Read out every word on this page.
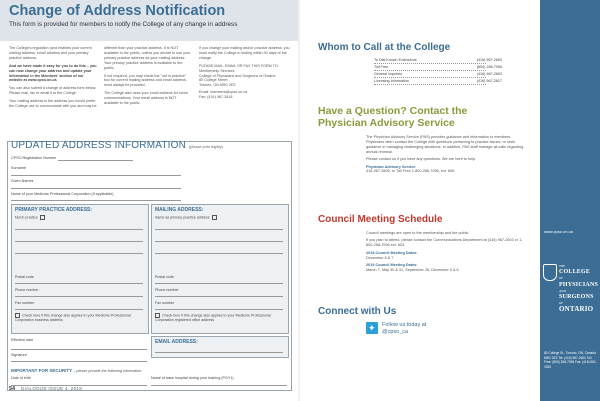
Change of Address Notification
This form is provided for members to notify the College of any change in address

The College's regulation (and enables your current mailing address, email address and your primary practice address.

And we have made it easy for you to do this – you can now change your address and update your information in the Members' section of our website at www.cpso.on.ca

You can also submit a change of address form below. Please mail, fax or email it to the College.

Your mailing address is the address you would prefer the College use to communicate with you and may be

different than your practice address. It is NOT available to the public, unless you decide to use your primary practice address as your mailing address. Your primary practice address is available to the public.

If not required, you may check the "not in practice" box for current mailing address and email address, must always be provided.

The College also uses your email address for some communications. Your email address is NOT available to the public.

If you change your mailing and/or practice address, you must notify the College in writing within 30 days of the change.

PLEASE MAIL, EMAIL OR FAX THIS FORM TO:

Membership Services

College of Physicians and Surgeons of Ontario

80 College Street

Toronto, ON M5G 2E2

Email: members@cpso.on.ca

Fax: (416) 967-2618

UPDATED ADDRESS INFORMATION (please print legibly)
CPSO Registration Number
Surname
Given Names
Name of your Medicine Professional Corporation (if applicable)
PRIMARY PRACTICE ADDRESS:
Not in practice
Postal code
Phone number
Fax number
Check here if this change also applies to your Medicine Professional Corporation business address
MAILING ADDRESS:
Same as primary practice address
Postal code
Phone number
Fax number
Check here if this change also applies to your Medicine Professional Corporation registered office address
Effective date
Signature
EMAIL ADDRESS:
IMPORTANT FOR SECURITY – please provide the following information:
Date of birth	Name of base hospital during your training (PGY1)
54 DIALOGUE ISSUE 4, 2018
Whom to Call at the College
To Dial Known Extensions	(416) 967-2600
Toll Free	(800) 268-7096
General Inquiries	(416) 967-2603
Licensing Information	(416) 967-2617
Have a Question? Contact the
Physician Advisory Service

The Physician Advisory Service (PAS) provides guidance and information to members. Physicians often contact the College with questions pertaining to practice issues, or seek guidance in managing challenging situations. In addition, PAS staff manage all calls regarding annual renewal.

Please contact us if you have any questions. We are here to help.

Physician Advisory Service

416-967-2606, or Toll Free 1-800-268-7096, ext. 606

Council Meeting Schedule

Council meetings are open to the membership and the public.

If you plan to attend, please contact the Communications Department at (416) 967-2603 or 1-800-268-7096 ext. 603.

2018 Council Meeting Dates:

December 6 & 7

2019 Council Meeting Dates:

March 7, May 30 & 31, September 26, December 5 & 6

Connect with Us
✦ Follow us today at
@cpso_ca
www.cpso.on.ca
THE
COLLEGE
OF
PHYSICIANS
AND
SURGEONS
OF
ONTARIO
80 College St., Toronto, ON, Canada M5G 2E2 Tel: (416) 967-2600 Toll Free: (800) 268-7096 Fax: (416) 961-3330
